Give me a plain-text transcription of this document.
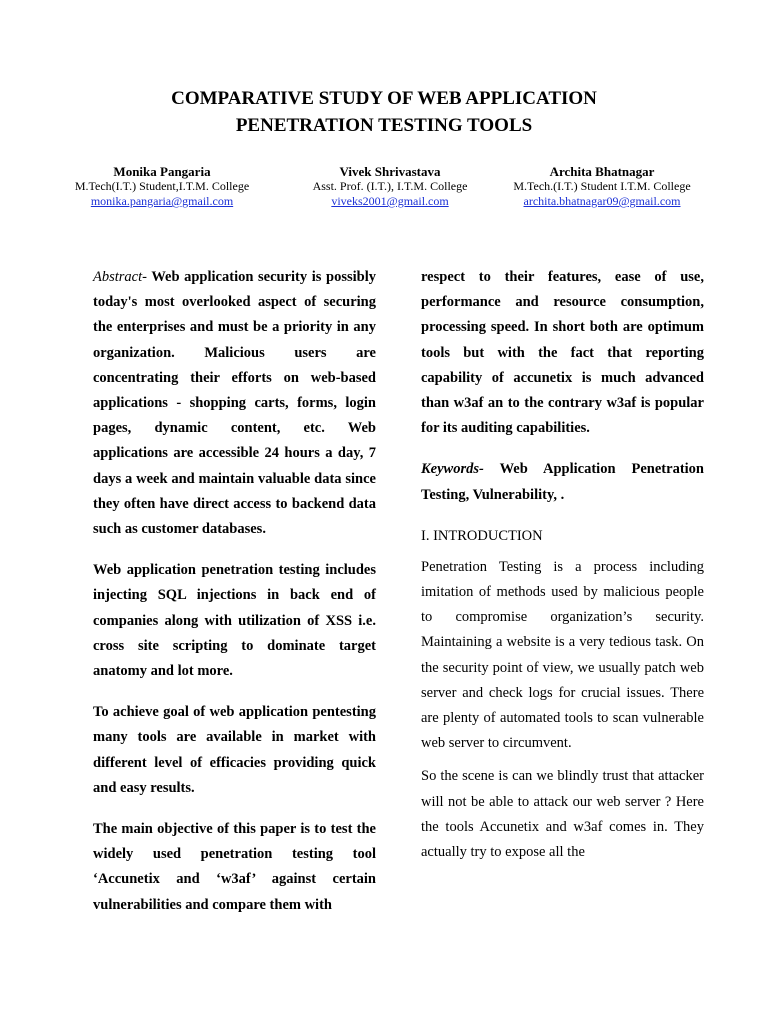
COMPARATIVE STUDY OF WEB APPLICATION
PENETRATION TESTING TOOLS
Monika Pangaria
M.Tech(I.T.) Student,I.T.M. College
monika.pangaria@gmail.com
Vivek Shrivastava
Asst. Prof. (I.T.), I.T.M. College
viveks2001@gmail.com
Archita Bhatnagar
M.Tech.(I.T.) Student I.T.M. College
archita.bhatnagar09@gmail.com

Abstract- Web application security is possibly today's most overlooked aspect of securing the enterprises and must be a priority in any organization. Malicious users are concentrating their efforts on web-based applications - shopping carts, forms, login pages, dynamic content, etc. Web applications are accessible 24 hours a day, 7 days a week and maintain valuable data since they often have direct access to backend data such as customer databases.

Web application penetration testing includes injecting SQL injections in back end of companies along with utilization of XSS i.e. cross site scripting to dominate target anatomy and lot more.

To achieve goal of web application pentesting many tools are available in market with different level of efficacies providing quick and easy results.

The main objective of this paper is to test the widely used penetration testing tool ‘Accunetix and ‘w3af’ against certain vulnerabilities and compare them with

respect to their features, ease of use, performance and resource consumption, processing speed. In short both are optimum tools but with the fact that reporting capability of accunetix is much advanced than w3af an to the contrary w3af is popular for its auditing capabilities.

Keywords- Web Application Penetration Testing, Vulnerability, .

I. INTRODUCTION

Penetration Testing is a process including imitation of methods used by malicious people to compromise organization’s security. Maintaining a website is a very tedious task. On the security point of view, we usually patch web server and check logs for crucial issues. There are plenty of automated tools to scan vulnerable web server to circumvent.

So the scene is can we blindly trust that attacker will not be able to attack our web server ? Here the tools Accunetix and w3af comes in. They actually try to expose all the
